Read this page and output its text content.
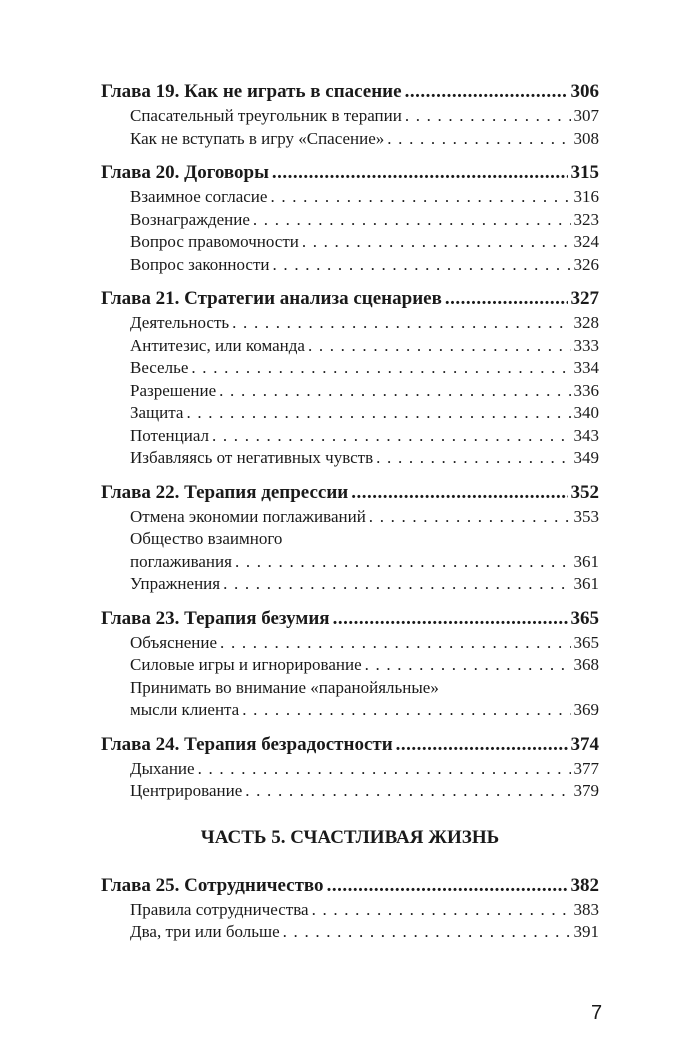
Глава 19. Как не играть в спасение .....	306
Спасательный треугольник в терапии . . .	307
Как не вступать в игру «Спасение» . . .	308
Глава 20. Договоры .....	315
Взаимное согласие . . .	316
Вознаграждение . . .	323
Вопрос правомочности . . .	324
Вопрос законности . . .	326
Глава 21. Стратегии анализа сценариев .....	327
Деятельность . . .	328
Антитезис, или команда . . .	333
Веселье . . .	334
Разрешение . . .	336
Защита . . .	340
Потенциал . . .	343
Избавляясь от негативных чувств . . .	349
Глава 22. Терапия депрессии .....	352
Отмена экономии поглаживаний . . .	353
Общество взаимного
поглаживания . . .	361
Упражнения . . .	361
Глава 23. Терапия безумия .....	365
Объяснение . . .	365
Силовые игры и игнорирование . . .	368
Принимать во внимание «паранойяльные»
мысли клиента . . .	369
Глава 24. Терапия безрадостности .....	374
Дыхание . . .	377
Центрирование . . .	379
ЧАСТЬ 5. СЧАСТЛИВАЯ ЖИЗНЬ
Глава 25. Сотрудничество .....	382
Правила сотрудничества . . .	383
Два, три или больше . . .	391
7
